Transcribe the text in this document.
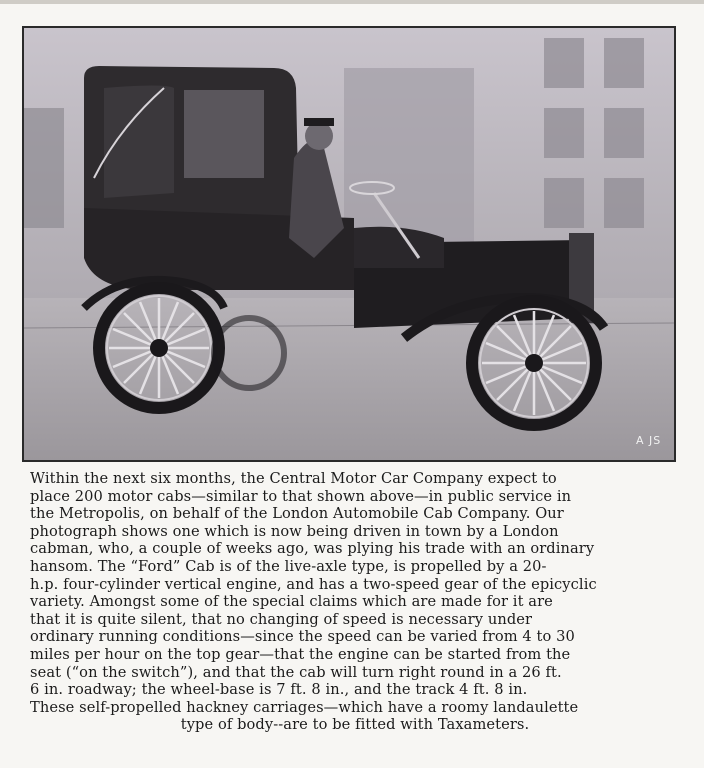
A JS
Within the next six months, the Central Motor Car Company expect to
place 200 motor cabs—similar to that shown above—in public service in
the Metropolis, on behalf of the London Automobile Cab Company. Our
photograph shows one which is now being driven in town by a London
cabman, who, a couple of weeks ago, was plying his trade with an ordinary
hansom. The “Ford” Cab is of the live-axle type, is propelled by a 20-
h.p. four-cylinder vertical engine, and has a two-speed gear of the epicyclic
variety. Amongst some of the special claims which are made for it are
that it is quite silent, that no changing of speed is necessary under
ordinary running conditions—since the speed can be varied from 4 to 30
miles per hour on the top gear—that the engine can be started from the
seat (“on the switch”), and that the cab will turn right round in a 26 ft.
6 in. roadway; the wheel-base is 7 ft. 8 in., and the track 4 ft. 8 in.
These self-propelled hackney carriages—which have a roomy landaulette
type of body--are to be fitted with Taxameters.
